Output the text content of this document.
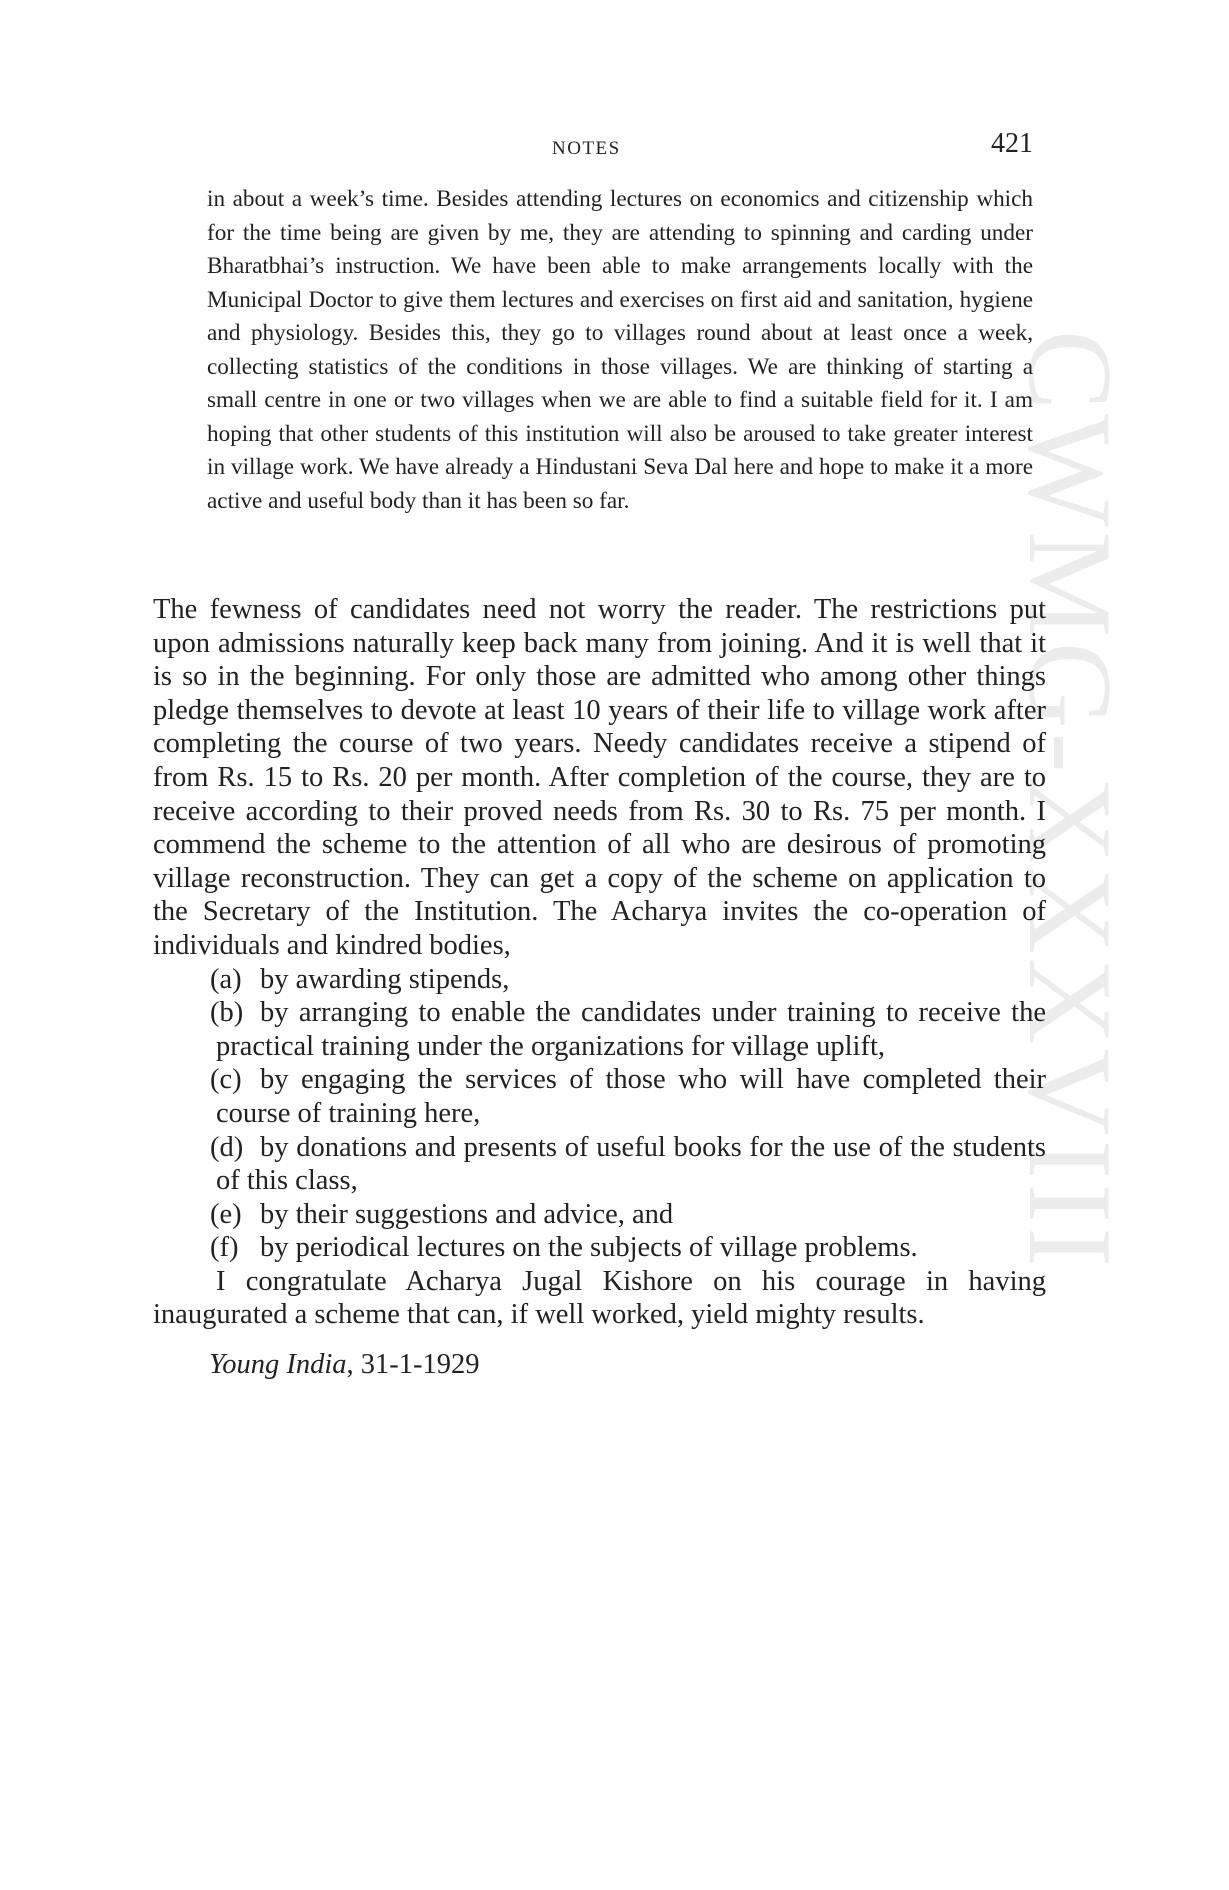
CWMG-XXXVIII
NOTES	421
in about a week’s time. Besides attending lectures on economics and citizenship which for the time being are given by me, they are attending to spinning and carding under Bharatbhai’s instruction. We have been able to make arrangements locally with the Municipal Doctor to give them lectures and exercises on first aid and sanitation, hygiene and physiology. Besides this, they go to villages round about at least once a week, collecting statistics of the conditions in those villages. We are thinking of starting a small centre in one or two villages when we are able to find a suitable field for it. I am hoping that other students of this institution will also be aroused to take greater interest in village work. We have already a Hindustani Seva Dal here and hope to make it a more active and useful body than it has been so far.

The fewness of candidates need not worry the reader. The restrictions put upon admissions naturally keep back many from joining. And it is well that it is so in the beginning. For only those are admitted who among other things pledge themselves to devote at least 10 years of their life to village work after completing the course of two years. Needy candidates receive a stipend of from Rs. 15 to Rs. 20 per month. After completion of the course, they are to receive according to their proved needs from Rs. 30 to Rs. 75 per month. I commend the scheme to the attention of all who are desirous of promoting village reconstruction. They can get a copy of the scheme on application to the Secretary of the Institution. The Acharya invites the co-operation of individuals and kindred bodies,

(a) by awarding stipends,
(b) by arranging to enable the candidates under training to receive the practical training under the organizations for village uplift,
(c) by engaging the services of those who will have completed their course of training here,
(d) by donations and presents of useful books for the use of the students of this class,
(e) by their suggestions and advice, and
(f) by periodical lectures on the subjects of village problems.

I congratulate Acharya Jugal Kishore on his courage in having inaugurated a scheme that can, if well worked, yield mighty results.

Young India, 31-1-1929
